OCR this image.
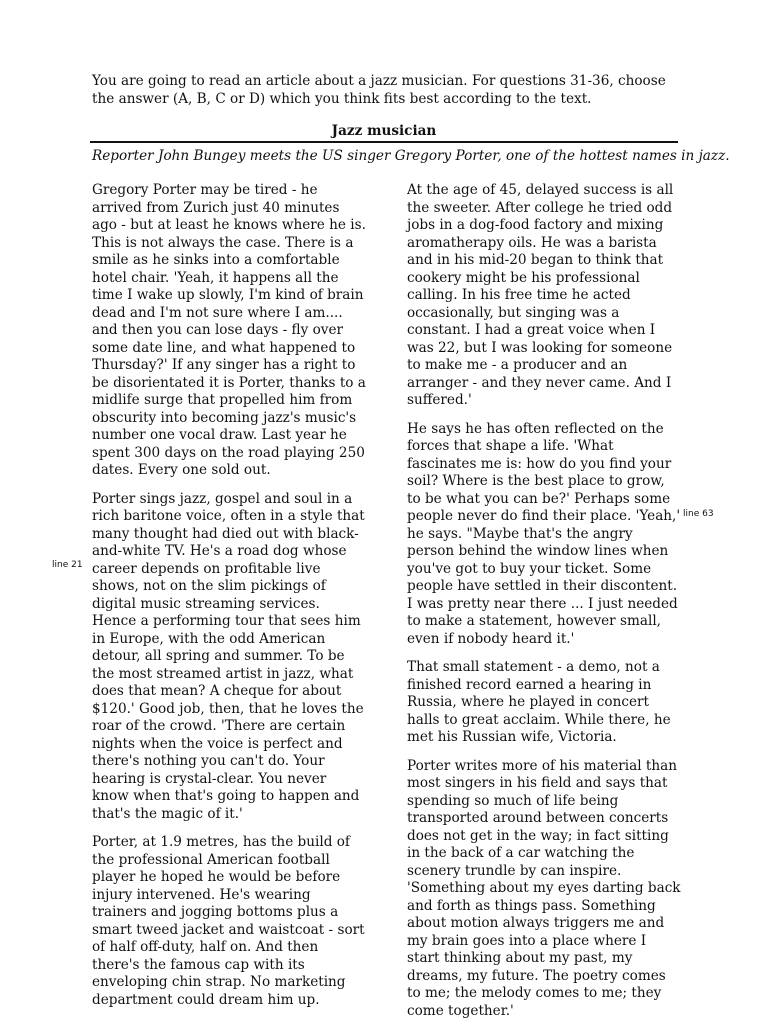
You are going to read an article about a jazz musician. For questions 31-36, choose the answer (A, B, C or D) which you think fits best according to the text.
Jazz musician
Reporter John Bungey meets the US singer Gregory Porter, one of the hottest names in jazz.

Gregory Porter may be tired - he arrived from Zurich just 40 minutes ago - but at least he knows where he is. This is not always the case. There is a smile as he sinks into a comfortable hotel chair. 'Yeah, it happens all the time I wake up slowly, I'm kind of brain dead and I'm not sure where I am.... and then you can lose days - fly over some date line, and what happened to Thursday?' If any singer has a right to be disorientated it is Porter, thanks to a midlife surge that propelled him from obscurity into becoming jazz's music's number one vocal draw. Last year he spent 300 days on the road playing 250 dates. Every one sold out.

Porter sings jazz, gospel and soul in a rich baritone voice, often in a style that many thought had died out with black-and-white TV. He's a road dog whose career depends on profitable live shows, not on the slim pickings of digital music streaming services. Hence a performing tour that sees him in Europe, with the odd American detour, all spring and summer. To be the most streamed artist in jazz, what does that mean? A cheque for about $120.' Good job, then, that he loves the roar of the crowd. 'There are certain nights when the voice is perfect and there's nothing you can't do. Your hearing is crystal-clear. You never know when that's going to happen and that's the magic of it.'

Porter, at 1.9 metres, has the build of the professional American football player he hoped he would be before injury intervened. He's wearing trainers and jogging bottoms plus a smart tweed jacket and waistcoat - sort of half off-duty, half on. And then there's the famous cap with its enveloping chin strap. No marketing department could dream him up.

At the age of 45, delayed success is all the sweeter. After college he tried odd jobs in a dog-food factory and mixing aromatherapy oils. He was a barista and in his mid-20 began to think that cookery might be his professional calling. In his free time he acted occasionally, but singing was a constant. I had a great voice when I was 22, but I was looking for someone to make me - a producer and an arranger - and they never came. And I suffered.'

He says he has often reflected on the forces that shape a life. 'What fascinates me is: how do you find your soil? Where is the best place to grow, to be what you can be?' Perhaps some people never do find their place. 'Yeah,' he says. "Maybe that's the angry person behind the window lines when you've got to buy your ticket. Some people have settled in their discontent. I was pretty near there ... I just needed to make a statement, however small, even if nobody heard it.'

That small statement - a demo, not a finished record earned a hearing in Russia, where he played in concert halls to great acclaim. While there, he met his Russian wife, Victoria.

Porter writes more of his material than most singers in his field and says that spending so much of life being transported around between concerts does not get in the way; in fact sitting in the back of a car watching the scenery trundle by can inspire. 'Something about my eyes darting back and forth as things pass. Something about motion always triggers me and my brain goes into a place where I start thinking about my past, my dreams, my future. The poetry comes to me; the melody comes to me; they come together.'

line 21
line 63
